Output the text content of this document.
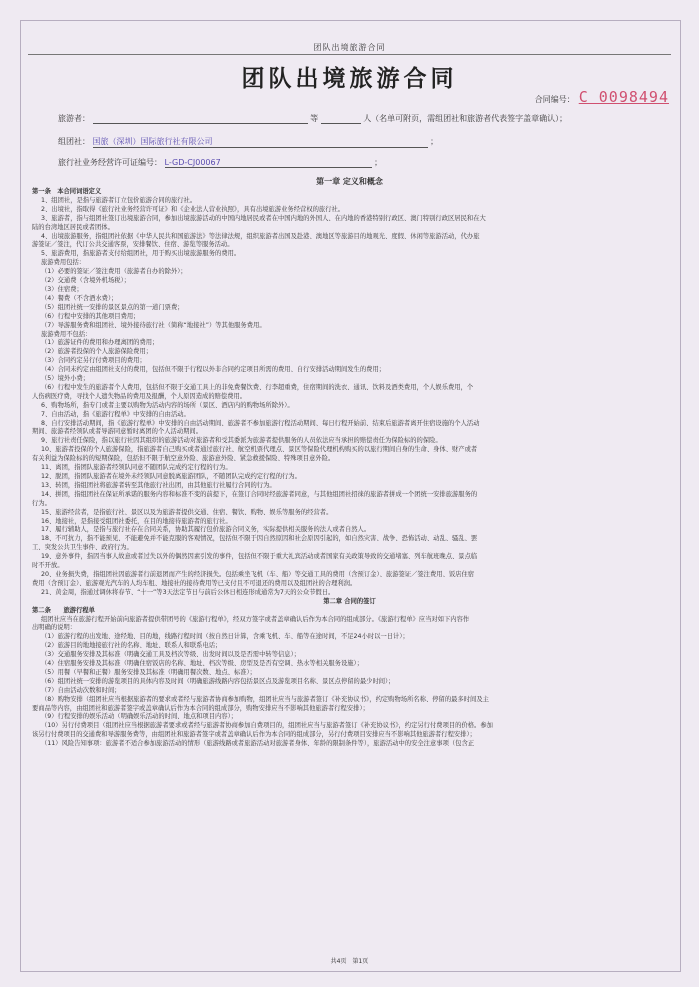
团队出境旅游合同
团队出境旅游合同
合同编号： C 0098494
旅游者：	等	人（名单可附页，需组团社和旅游者代表签字盖章确认）；
组团社： 国旅（深圳）国际旅行社有限公司	；
旅行社业务经营许可证编号： L-GD-CJ00067	；
第一章 定义和概念

第一条　本合同词语定义

1、组团社，是指与旅游者订立包价旅游合同的旅行社。

2、出境社，指取得《旅行社业务经营许可证》和《企业法人营业执照》，具有出境旅游业务经营权的旅行社。

3、旅游者，指与组团社签订出境旅游合同，参加出境旅游活动的中国内地居民或者在中国内地的外国人、在内地的香港特别行政区、澳门特别行政区居民和在大

陆的台湾地区居民或者团体。

4、出境旅游服务，指组团社依据《中华人民共和国旅游法》等法律法规，组织旅游者出国及赴港、澳地区等旅游目的地观光、度假、休闲等旅游活动，代办旅

游签证／签注，代订公共交通客票，安排餐饮、住宿、游览等服务活动。

5、旅游费用，指旅游者支付给组团社，用于购买出境旅游服务的费用。

旅游费用包括：

（1）必要的签证／签注费用（旅游者自办的除外）；

（2）交通费（含境外机场税）；

（3）住宿费；

（4）餐费（不含酒水费）；

（5）组团社统一安排的景区景点的第一道门票费；

（6）行程中安排的其他项目费用；

（7）导游服务费和组团社、境外接待旅行社（简称“地接社”）等其他服务费用。

旅游费用不包括：

（1）旅游证件的费用和办理离团的费用；

（2）旅游者投保的个人旅游保险费用；

（3）合同约定另行付费项目的费用；

（4）合同未约定由组团社支付的费用，包括但不限于行程以外非合同约定项目所需的费用、自行安排活动期间发生的费用；

（5）境外小费；

（6）行程中发生的旅游者个人费用，包括但不限于交通工具上的非免费餐饮费、行李超重费，住宿期间的洗衣、通讯、饮料及酒类费用，个人娱乐费用，个

人伤病医疗费，寻找个人遗失物品的费用及报酬，个人原因造成的赔偿费用。

6、购物场所，指专门或者主要以购物为活动内容的场所（景区、酒店内的购物场所除外）。

7、自由活动，指《旅游行程单》中安排的自由活动。

8、自行安排活动期间，指《旅游行程单》中安排的自由活动期间、旅游者不参加旅游行程活动期间、每日行程开始前、结束后旅游者离开住宿设施的个人活动

期间、旅游者经领队或者导游同意暂时离团的个人活动期间。

9、旅行社责任保险，指以旅行社因其组织的旅游活动对旅游者和受其委派为旅游者提供服务的人员依法应当承担的赔偿责任为保险标的的保险。

10、旅游者投保的个人旅游保险，指旅游者自己购买或者通过旅行社、航空机票代理点、景区等保险代理机构购买的以旅行期间自身的生命、身体、财产或者

有关利益为保险标的的短期保险，包括但不限于航空意外险、旅游意外险、紧急救援保险、特殊项目意外险。

11、离团，指团队旅游者经领队同意不随团队完成约定行程的行为。

12、脱团，指团队旅游者在境外未经领队同意脱离旅游团队，不随团队完成约定行程的行为。

13、转团，指组团社将旅游者转至其他旅行社出团，由其他旅行社履行合同的行为。

14、拼团，指组团社在保证所承诺的服务内容和标准不变的前提下，在签订合同时经旅游者同意，与其他组团社招徕的旅游者拼成一个团统一安排旅游服务的

行为。

15、旅游经营者，是指旅行社、景区以及为旅游者提供交通、住宿、餐饮、购物、娱乐等服务的经营者。

16、地接社，是指接受组团社委托，在目的地接待旅游者的旅行社。

17、履行辅助人，是指与旅行社存在合同关系，协助其履行包价旅游合同义务，实际提供相关服务的法人或者自然人。

18、不可抗力，指不能预见、不能避免并不能克服的客观情况，包括但不限于因自然原因和社会原因引起的，如自然灾害、战争、恐怖活动、动乱、骚乱、罢

工、突发公共卫生事件、政府行为。

19、意外事件，指因当事人故意或者过失以外的偶然因素引发的事件，包括但不限于重大礼宾活动或者国家有关政策导致的交通堵塞、列车航班晚点、景点临

时不开放。

20、业务损失费，指组团社因旅游者行前退团而产生的经济损失。包括乘坐飞机（车、船）等交通工具的费用（含预订金）、旅游签证／签注费用、饭店住宿

费用（含预订金）、旅游观光汽车的人均车租、地接社的接待费用等已支付且不可退还的费用以及组团社的合理利润。

21、黄金周，指通过调休将春节、“十一”等3天法定节日与前后公休日相连形成通常为7天的公众节假日。

第二章 合同的签订

第二条　　旅游行程单

组团社应当在旅游行程开始前向旅游者提供带团号的《旅游行程单》，经双方签字或者盖章确认后作为本合同的组成部分。《旅游行程单》应当对如下内容作

出明确的说明：

（1）旅游行程的出发地、途经地、目的地，线路行程时间（按自然日计算，含乘飞机、车、船等在途时间，不足24小时以一日计）；

（2）旅游目的地地接旅行社的名称、地址、联系人和联系电话；

（3）交通服务安排及其标准（明确交通工具及档次等级、出发时间以及是否需中转等信息）；

（4）住宿服务安排及其标准（明确住宿饭店的名称、地址、档次等级、房型及是否有空调、热水等相关服务设施）；

（5）用餐（早餐和正餐）服务安排及其标准（明确用餐次数、地点、标准）；

（6）组团社统一安排的游览项目的具体内容及时间（明确旅游线路内容包括景区点及游览项目名称、景区点停留的最少时间）；

（7）自由活动次数和时间；

（8）购物安排（组团社应当根据旅游者的要求或者经与旅游者协商参加购物，组团社应当与旅游者签订《补充协议书》，约定购物场所名称、停留的最多时间及主

要商品等内容，由组团社和旅游者签字或盖章确认后作为本合同的组成部分，购物安排应当不影响其他旅游者行程安排）；

（9）行程安排的娱乐活动（明确娱乐活动的时间、地点和项目内容）；

（10）另行付费项目（组团社应当根据旅游者要求或者经与旅游者协商参加自费项目的，组团社应当与旅游者签订《补充协议书》，约定另行付费项目的价格。参加

该另行付费项目的交通费和导游服务费等，由组团社和旅游者签字或者盖章确认后作为本合同的组成部分，另行付费项目安排应当不影响其他旅游者行程安排）；

（11）风险告知事项：旅游者不适合参加旅游活动的情形（旅游线路或者旅游活动对旅游者身体、年龄的限制条件等），旅游活动中的安全注意事项（包含正

共4页　第1页
